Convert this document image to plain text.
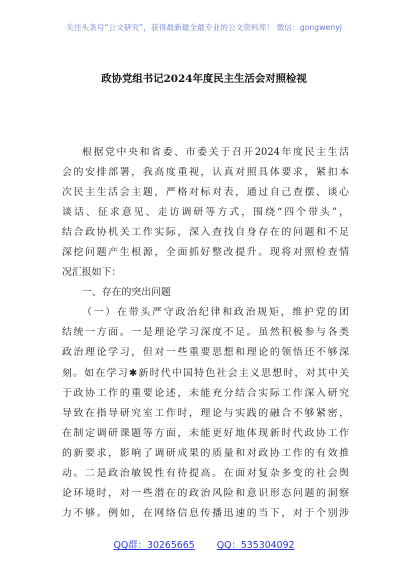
关注头条号“公文研究”，获得最新最全最专业的公文资料库！ 微信：gongwenyj
政协党组书记2024年度民主生活会对照检视
根据党中央和省委、市委关于召开2024年度民主生活
会的安排部署，我高度重视，认真对照具体要求，紧扣本
次民主生活会主题，严格对标对表，通过自己查摆、谈心
谈话、征求意见、走访调研等方式，围绕“四个带头”，
结合政协机关工作实际，深入查找自身存在的问题和不足
深挖问题产生根源，全面抓好整改提升。现将对照检查情
况汇报如下：
一、存在的突出问题
（一）在带头严守政治纪律和政治规矩，维护党的团
结统一方面。一是理论学习深度不足。虽然积极参与各类
政治理论学习，但对一些重要思想和理论的领悟还不够深
刻。如在学习✱新时代中国特色社会主义思想时，对其中关
于政协工作的重要论述，未能充分结合实际工作深入研究
导致在指导研究室工作时，理论与实践的融合不够紧密，
在制定调研课题等方面，未能更好地体现新时代政协工作
的新要求，影响了调研成果的质量和对政协工作的有效推
动。二是政治敏锐性有待提高。在面对复杂多变的社会舆
论环境时，对一些潜在的政治风险和意识形态问题的洞察
力不够。例如，在网络信息传播迅速的当下，对于个别涉
QQ群：30265665 QQ：535304092
